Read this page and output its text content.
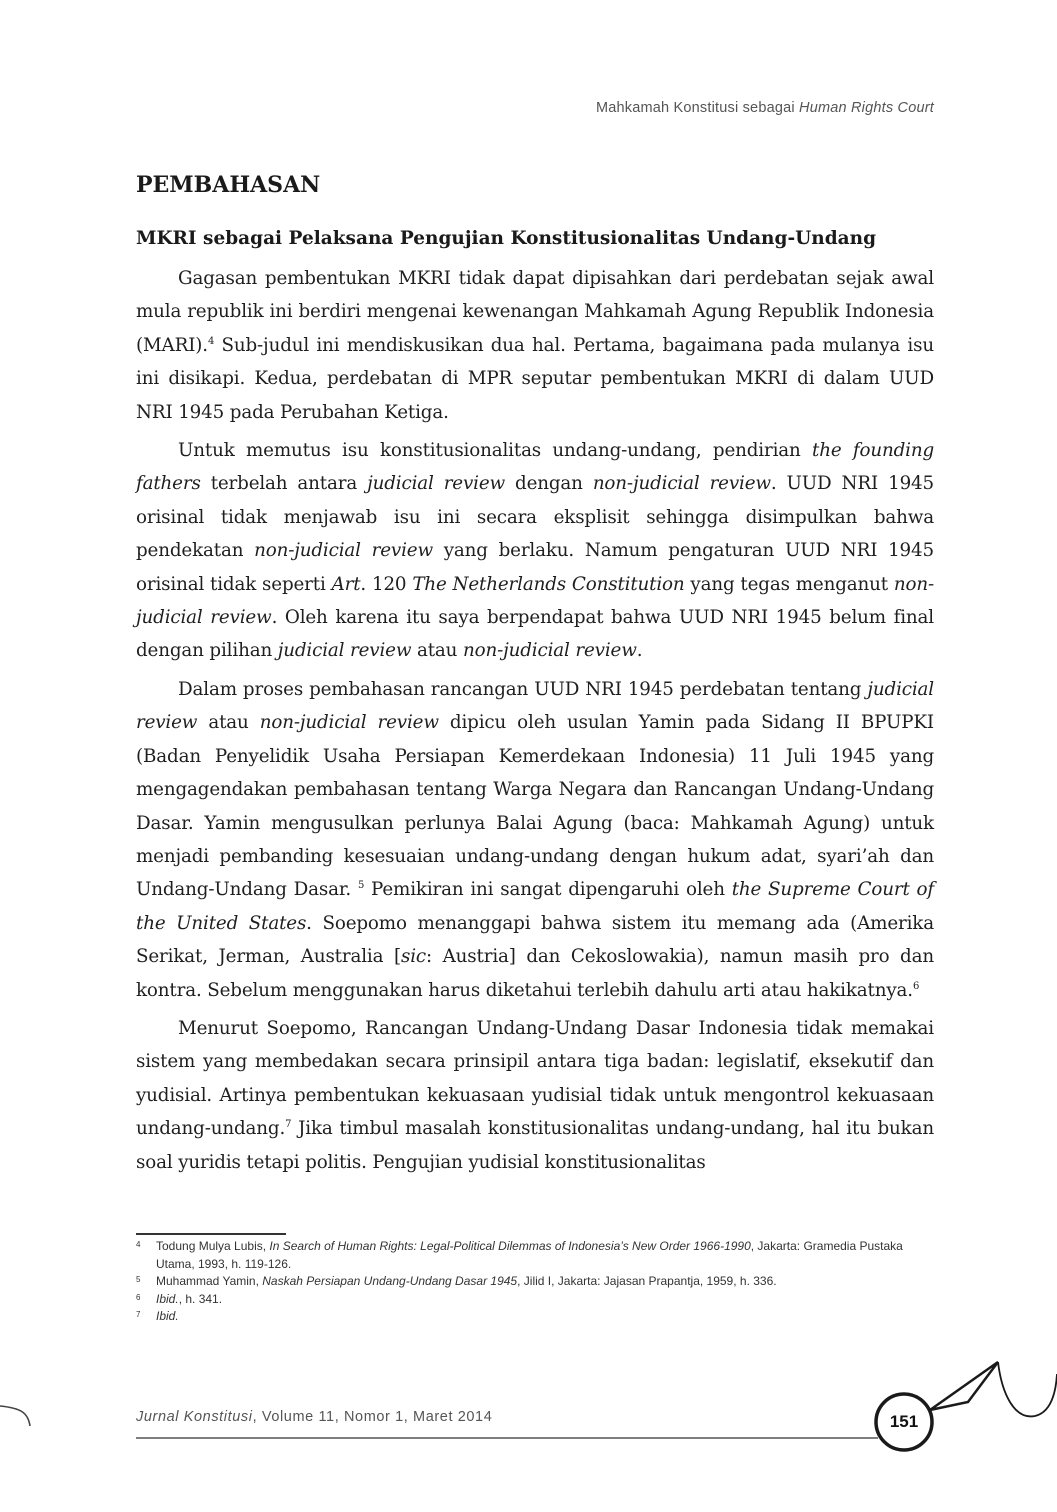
Mahkamah Konstitusi sebagai Human Rights Court
PEMBAHASAN
MKRI sebagai Pelaksana Pengujian Konstitusionalitas Undang-Undang

Gagasan pembentukan MKRI tidak dapat dipisahkan dari perdebatan sejak awal mula republik ini berdiri mengenai kewenangan Mahkamah Agung Republik Indonesia (MARI).$^4$ Sub-judul ini mendiskusikan dua hal. Pertama, bagaimana pada mulanya isu ini disikapi. Kedua, perdebatan di MPR seputar pembentukan MKRI di dalam UUD NRI 1945 pada Perubahan Ketiga.

Untuk memutus isu konstitusionalitas undang-undang, pendirian the founding fathers terbelah antara judicial review dengan non-judicial review. UUD NRI 1945 orisinal tidak menjawab isu ini secara eksplisit sehingga disimpulkan bahwa pendekatan non-judicial review yang berlaku. Namum pengaturan UUD NRI 1945 orisinal tidak seperti Art. 120 The Netherlands Constitution yang tegas menganut non-judicial review. Oleh karena itu saya berpendapat bahwa UUD NRI 1945 belum final dengan pilihan judicial review atau non-judicial review.

Dalam proses pembahasan rancangan UUD NRI 1945 perdebatan tentang judicial review atau non-judicial review dipicu oleh usulan Yamin pada Sidang II BPUPKI (Badan Penyelidik Usaha Persiapan Kemerdekaan Indonesia) 11 Juli 1945 yang mengagendakan pembahasan tentang Warga Negara dan Rancangan Undang-Undang Dasar. Yamin mengusulkan perlunya Balai Agung (baca: Mahkamah Agung) untuk menjadi pembanding kesesuaian undang-undang dengan hukum adat, syari’ah dan Undang-Undang Dasar. $^5$ Pemikiran ini sangat dipengaruhi oleh the Supreme Court of the United States. Soepomo menanggapi bahwa sistem itu memang ada (Amerika Serikat, Jerman, Australia [sic: Austria] dan Cekoslowakia), namun masih pro dan kontra. Sebelum menggunakan harus diketahui terlebih dahulu arti atau hakikatnya.$^6$

Menurut Soepomo, Rancangan Undang-Undang Dasar Indonesia tidak memakai sistem yang membedakan secara prinsipil antara tiga badan: legislatif, eksekutif dan yudisial. Artinya pembentukan kekuasaan yudisial tidak untuk mengontrol kekuasaan undang-undang.$^7$ Jika timbul masalah konstitusionalitas undang-undang, hal itu bukan soal yuridis tetapi politis. Pengujian yudisial konstitusionalitas

4 Todung Mulya Lubis, In Search of Human Rights: Legal-Political Dilemmas of Indonesia’s New Order 1966-1990, Jakarta: Gramedia Pustaka Utama, 1993, h. 119-126.
5 Muhammad Yamin, Naskah Persiapan Undang-Undang Dasar 1945, Jilid I, Jakarta: Jajasan Prapantja, 1959, h. 336.
6 Ibid., h. 341.
7 Ibid.
Jurnal Konstitusi, Volume 11, Nomor 1, Maret 2014	151
